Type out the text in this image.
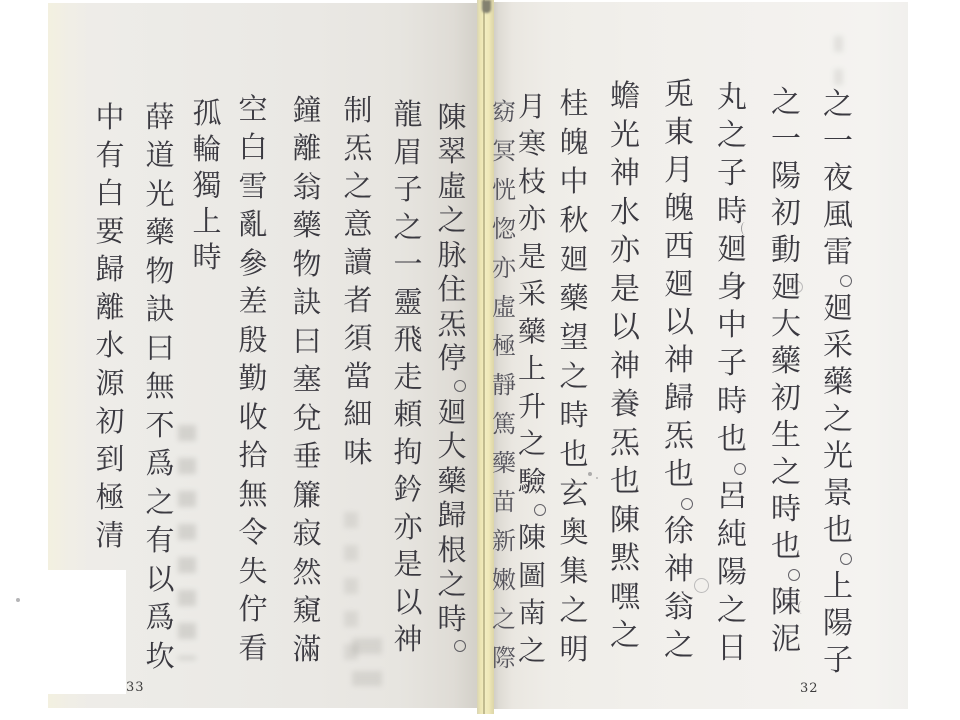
之
一
夜
風
雷
廻
采
藥
之
光
景
也
上
陽
子
之
一
陽
初
動
廻
大
藥
初
生
之
時
也
陳
泥
丸
之
子
時
廻
身
中
子
時
也
呂
純
陽
之
日
兎
東
月
魄
西
廻
以
神
歸
炁
也
徐
神
翁
之
蟾
光
神
水
亦
是
以
神
養
炁
也
陳
黙
嘿
之
桂
魄
中
秋
廻
藥
望
之
時
也
玄
奥
集
之
明
月
寒
枝
亦
是
采
藥
上
升
之
驗
陳
圖
南
之
窈
冥
恍
惚
亦
虛
極
靜
篤
藥
苗
新
嫩
之
際
陳
翠
虛
之
脉
住
炁
停
廻
大
藥
歸
根
之
時
龍
眉
子
之
一
靈
飛
走
頼
拘
鈐
亦
是
以
神
制
炁
之
意
讀
者
須
當
細
味
鐘
離
翁
藥
物
訣
曰
塞
兌
垂
簾
寂
然
窺
滿
空
白
雪
亂
參
差
殷
勤
收
拾
無
令
失
佇
看
孤
輪
獨
上
時
薛
道
光
藥
物
訣
曰
無
不
爲
之
有
以
爲
坎
中
有
白
要
歸
離
水
源
初
到
極
清
33	32
